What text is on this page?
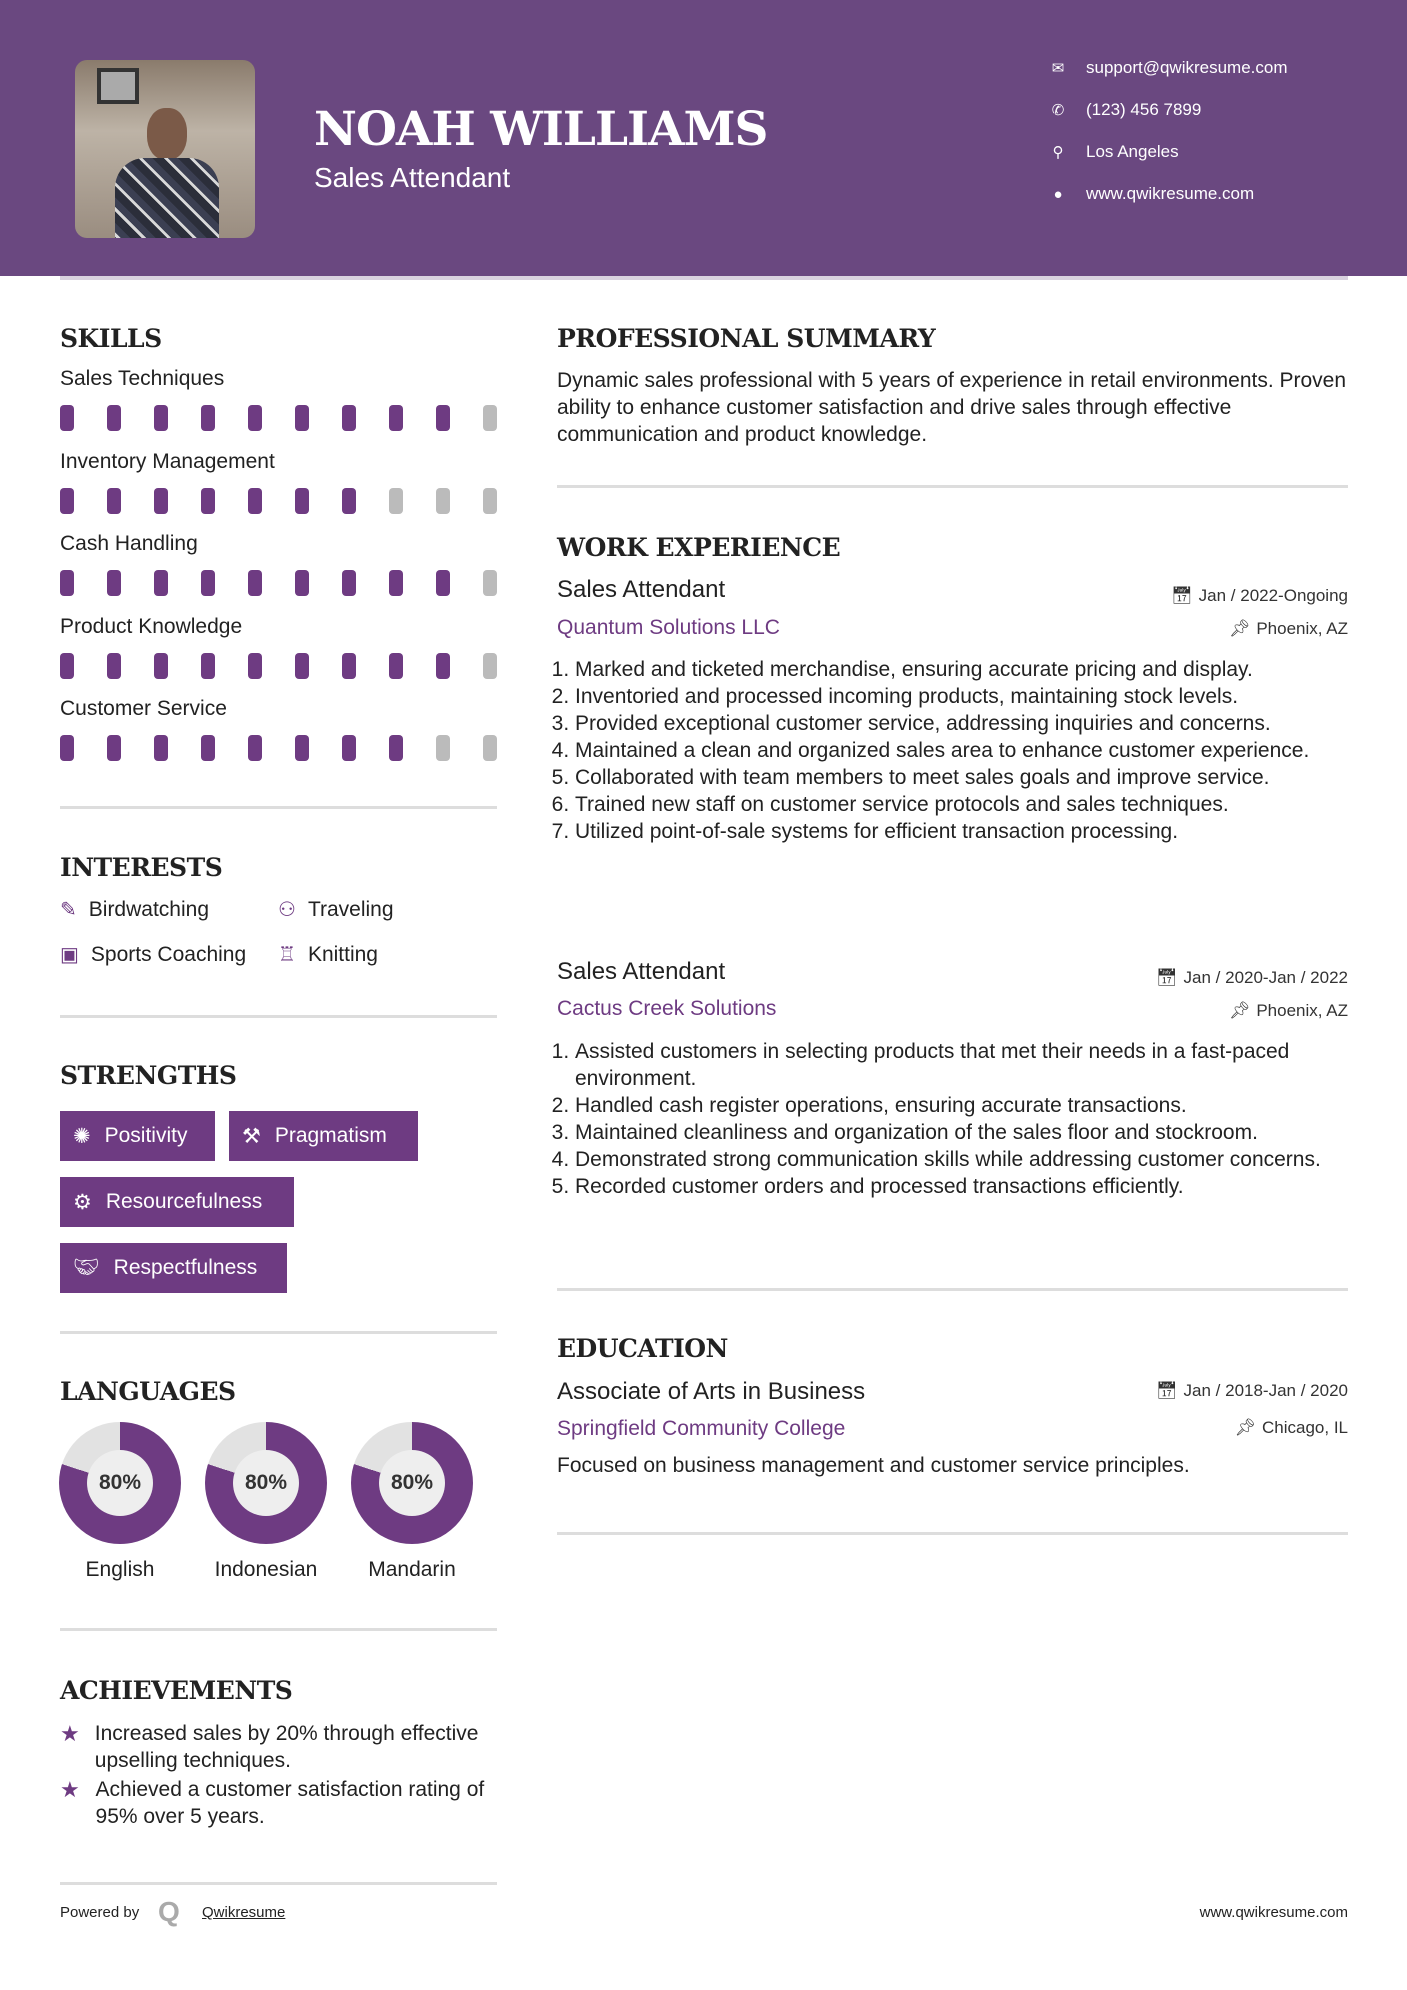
NOAH WILLIAMS
Sales Attendant
✉ support@qwikresume.com
✆ (123) 456 7899
⚲ Los Angeles
● www.qwikresume.com
SKILLS
Sales Techniques
Inventory Management
Cash Handling
Product Knowledge
Customer Service
INTERESTS
✎ Birdwatching	⚇ Traveling
▣ Sports Coaching ♖ Knitting
STRENGTHS
✺ Positivity	⚒ Pragmatism
⚙ Resourcefulness
🤝︎ Respectfulness
LANGUAGES
80%	80%	80%
English	Indonesian	Mandarin
ACHIEVEMENTS
★ Increased sales by 20% through effective upselling techniques.
★ Achieved a customer satisfaction rating of 95% over 5 years.
PROFESSIONAL SUMMARY
Dynamic sales professional with 5 years of experience in retail environments. Proven ability to enhance customer satisfaction and drive sales through effective communication and product knowledge.
WORK EXPERIENCE
Sales Attendant	📅︎ Jan / 2022-Ongoing
Quantum Solutions LLC	📌︎ Phoenix, AZ
1. Marked and ticketed merchandise, ensuring accurate pricing and display.
2. Inventoried and processed incoming products, maintaining stock levels.
3. Provided exceptional customer service, addressing inquiries and concerns.
4. Maintained a clean and organized sales area to enhance customer experience.
5. Collaborated with team members to meet sales goals and improve service.
6. Trained new staff on customer service protocols and sales techniques.
7. Utilized point-of-sale systems for efficient transaction processing.
Sales Attendant	📅︎ Jan / 2020-Jan / 2022
Cactus Creek Solutions	📌︎ Phoenix, AZ
1. Assisted customers in selecting products that met their needs in a fast-paced environment.
2. Handled cash register operations, ensuring accurate transactions.
3. Maintained cleanliness and organization of the sales floor and stockroom.
4. Demonstrated strong communication skills while addressing customer concerns.
5. Recorded customer orders and processed transactions efficiently.
EDUCATION
Associate of Arts in Business	📅︎ Jan / 2018-Jan / 2020
Springfield Community College	📌︎ Chicago, IL
Focused on business management and customer service principles.
Powered by Q Qwikresume	www.qwikresume.com
